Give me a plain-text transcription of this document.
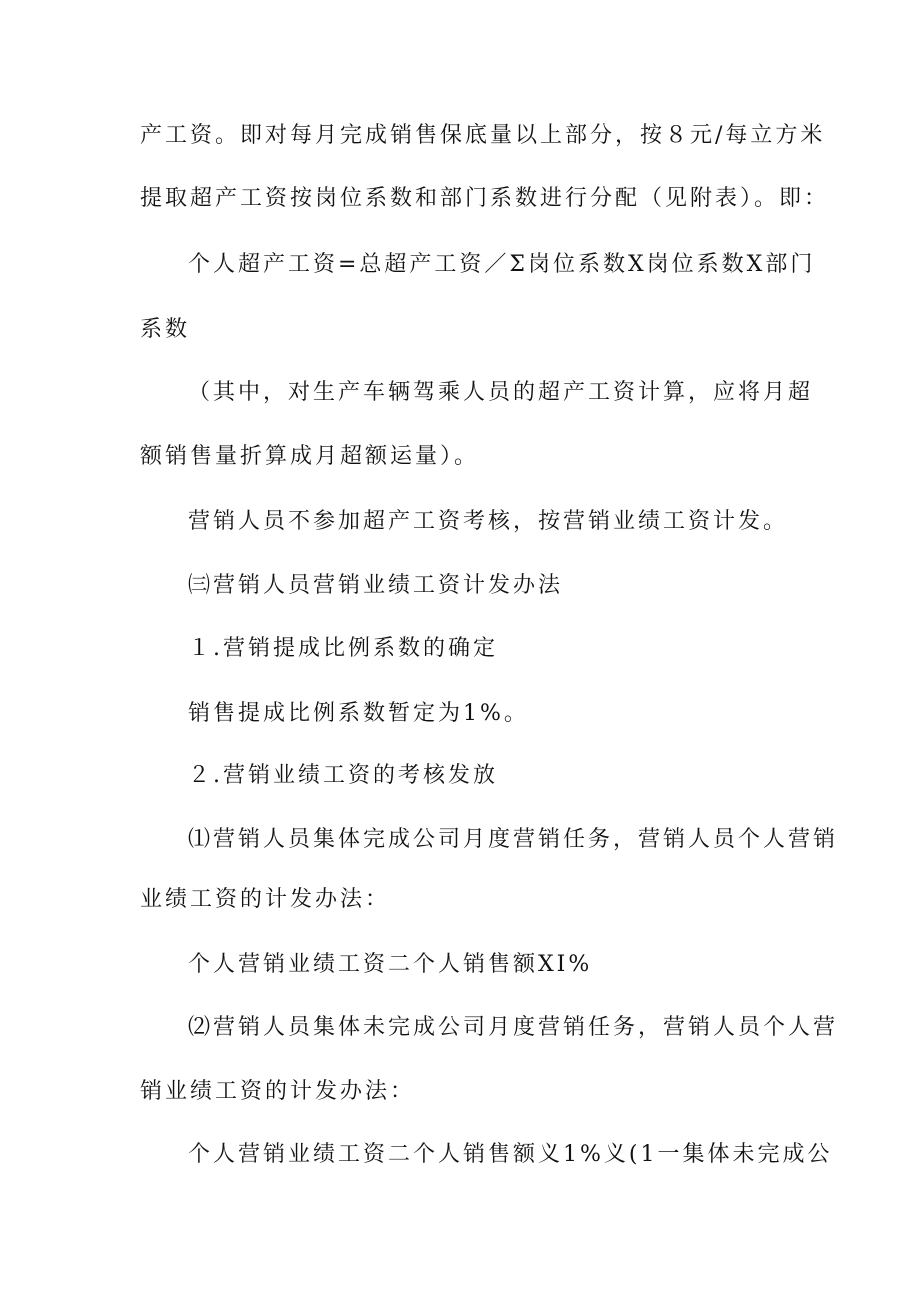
产工资。即对每月完成销售保底量以上部分，按８元/每立方米
提取超产工资按岗位系数和部门系数进行分配（见附表）。即：
个人超产工资=总超产工资／Σ岗位系数X岗位系数X部门
系数
（其中，对生产车辆驾乘人员的超产工资计算，应将月超
额销售量折算成月超额运量）。
营销人员不参加超产工资考核，按营销业绩工资计发。
㈢营销人员营销业绩工资计发办法
１.营销提成比例系数的确定
销售提成比例系数暂定为1%。
２.营销业绩工资的考核发放
⑴营销人员集体完成公司月度营销任务，营销人员个人营销
业绩工资的计发办法：
个人营销业绩工资二个人销售额XI%
⑵营销人员集体未完成公司月度营销任务，营销人员个人营
销业绩工资的计发办法：
个人营销业绩工资二个人销售额义1%义(1一集体未完成公
